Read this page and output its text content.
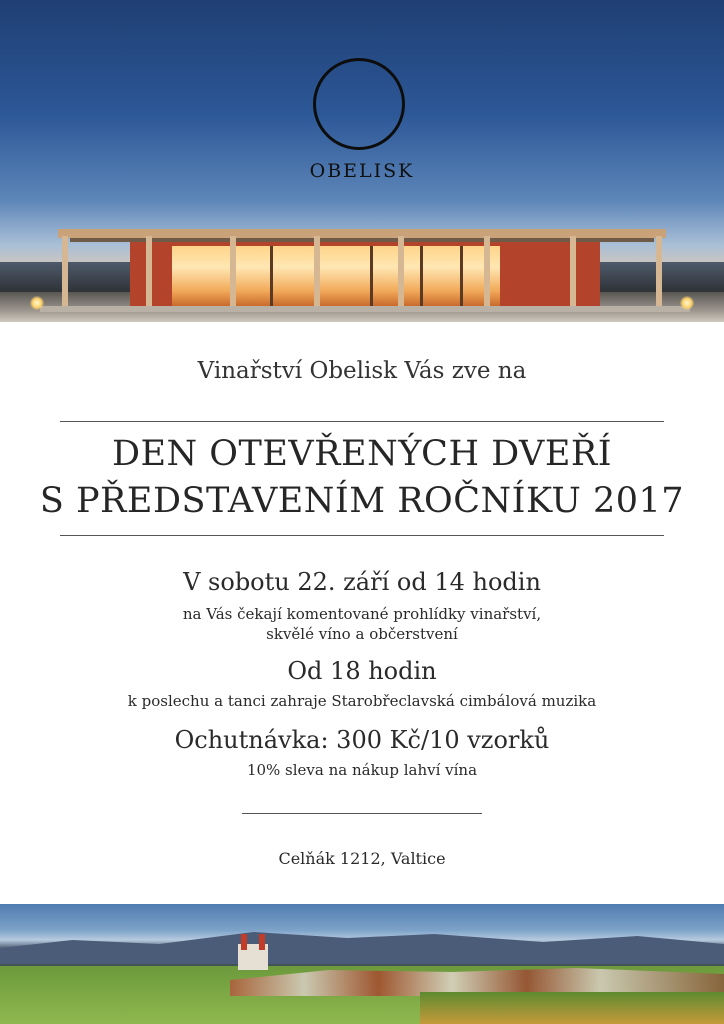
OBELISK
Vinařství Obelisk Vás zve na
DEN OTEVŘENÝCH DVEŘÍ
S PŘEDSTAVENÍM ROČNÍKU 2017
V sobotu 22. září od 14 hodin
na Vás čekají komentované prohlídky vinařství,
skvělé víno a občerstvení
Od 18 hodin
k poslechu a tanci zahraje Starobřeclavská cimbálová muzika
Ochutnávka: 300 Kč/10 vzorků
10% sleva na nákup lahví vína
Celňák 1212, Valtice
